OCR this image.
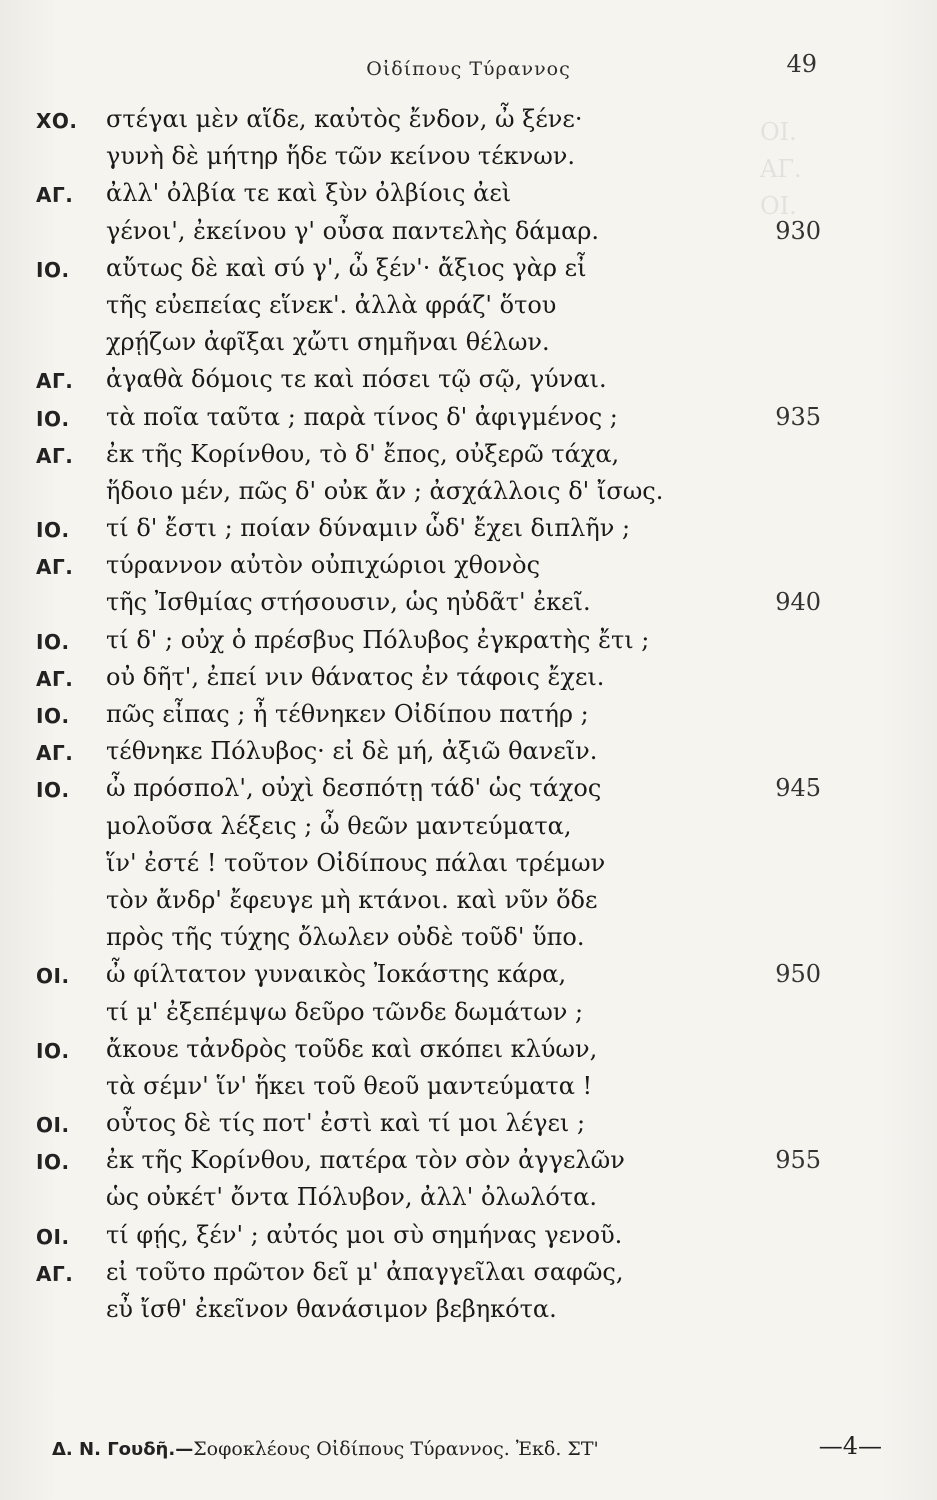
Οἰδίπους Τύραννος	49
ΟΙ.
ΑΓ.
ΟΙ.
ΧΟ. στέγαι μὲν αἵδε, καὐτὸς ἔνδον, ὦ ξένε·
γυνὴ δὲ μήτηρ ἥδε τῶν κείνου τέκνων.
ΑΓ. ἀλλ' ὀλβία τε καὶ ξὺν ὀλβίοις ἀεὶ
γένοι', ἐκείνου γ' οὖσα παντελὴς δάμαρ.	930
ΙΟ. αὔτως δὲ καὶ σύ γ', ὦ ξέν'· ἄξιος γὰρ εἶ
τῆς εὐεπείας εἵνεκ'. ἀλλὰ φράζ' ὅτου
χρῄζων ἀφῖξαι χὤτι σημῆναι θέλων.
ΑΓ. ἀγαθὰ δόμοις τε καὶ πόσει τῷ σῷ, γύναι.
ΙΟ. τὰ ποῖα ταῦτα ; παρὰ τίνος δ' ἀφιγμένος ;	935
ΑΓ. ἐκ τῆς Κορίνθου, τὸ δ' ἔπος, οὐξερῶ τάχα,
ἥδοιο μέν, πῶς δ' οὐκ ἄν ; ἀσχάλλοις δ' ἴσως.
ΙΟ. τί δ' ἔστι ; ποίαν δύναμιν ὧδ' ἔχει διπλῆν ;
ΑΓ. τύραννον αὐτὸν οὐπιχώριοι χθονὸς
τῆς Ἰσθμίας στήσουσιν, ὡς ηὐδᾶτ' ἐκεῖ.	940
ΙΟ. τί δ' ; οὐχ ὁ πρέσβυς Πόλυβος ἐγκρατὴς ἔτι ;
ΑΓ. οὐ δῆτ', ἐπεί νιν θάνατος ἐν τάφοις ἔχει.
ΙΟ. πῶς εἶπας ; ἦ τέθνηκεν Οἰδίπου πατήρ ;
ΑΓ. τέθνηκε Πόλυβος· εἰ δὲ μή, ἀξιῶ θανεῖν.
ΙΟ. ὦ πρόσπολ', οὐχὶ δεσπότῃ τάδ' ὡς τάχος	945
μολοῦσα λέξεις ; ὦ θεῶν μαντεύματα,
ἵν' ἐστέ ! τοῦτον Οἰδίπους πάλαι τρέμων
τὸν ἄνδρ' ἔφευγε μὴ κτάνοι. καὶ νῦν ὅδε
πρὸς τῆς τύχης ὄλωλεν οὐδὲ τοῦδ' ὕπο.
ΟΙ. ὦ φίλτατον γυναικὸς Ἰοκάστης κάρα,	950
τί μ' ἐξεπέμψω δεῦρο τῶνδε δωμάτων ;
ΙΟ. ἄκουε τἀνδρὸς τοῦδε καὶ σκόπει κλύων,
τὰ σέμν' ἵν' ἥκει τοῦ θεοῦ μαντεύματα !
ΟΙ. οὗτος δὲ τίς ποτ' ἐστὶ καὶ τί μοι λέγει ;
ΙΟ. ἐκ τῆς Κορίνθου, πατέρα τὸν σὸν ἀγγελῶν	955
ὡς οὐκέτ' ὄντα Πόλυβον, ἀλλ' ὀλωλότα.
ΟΙ. τί φῄς, ξέν' ; αὐτός μοι σὺ σημήνας γενοῦ.
ΑΓ. εἰ τοῦτο πρῶτον δεῖ μ' ἀπαγγεῖλαι σαφῶς,
εὖ ἴσθ' ἐκεῖνον θανάσιμον βεβηκότα.
Δ. Ν. Γουδῆ.—Σοφοκλέους Οἰδίπους Τύραννος. Ἐκδ. ΣΤ'	—4—
